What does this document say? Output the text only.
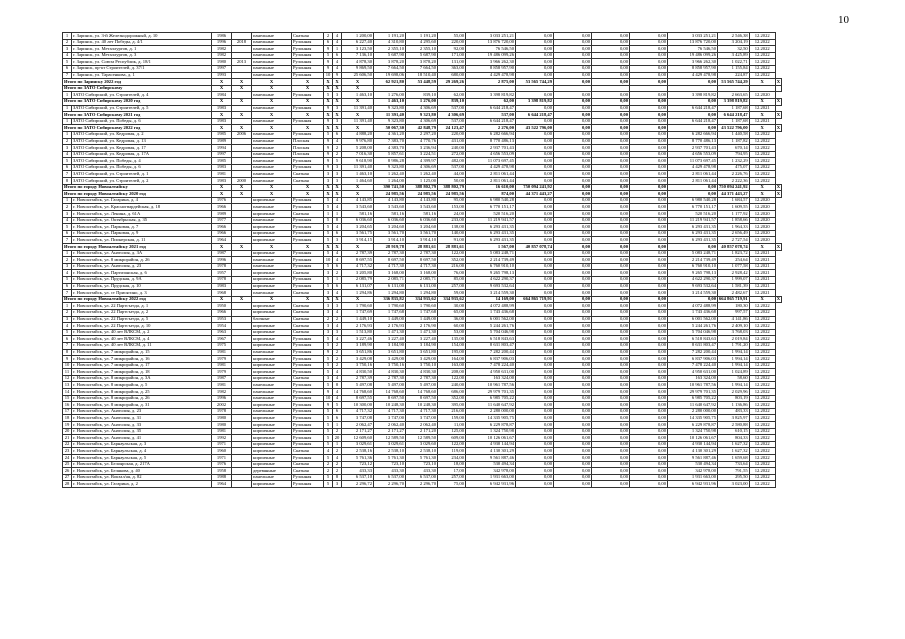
10
1	г. Заринск, ул. 3-й Железнодорожный, д. 10	1986		панельные	Скатная	2	4	1 200,00	1 191,20	1 191,20	55,00	3 033 251,21	0,00	0,00	0,00	0,00	3 033 251,21	2 546,38	12.2022	
2	г. Заринск, ул. 40 лет Победы, д. 4/1	1996	2018	панельные	Рулонная	6	4	6 227,40	4 310,80	4 295,60	220,00	13 876 720,00	0,00	0,00	0,00	0,00	13 876 720,00	3 204,19	12.2022	
3	г. Заринск, ул. Металлургов, д. 1	1982		панельные	Рулонная	9	1	3 123,50	2 355,10	2 355,10	92,00	76 546,50	0,00	0,00	0,00	0,00	76 546,50	32,50	12.2022	
4	г. Заринск, ул. Металлургов, д. 3	1982		панельные	Рулонная	5	6	7 136,10	5 687,90	5 687,90	171,00	19 486 099,26	0,00	0,00	0,00	0,00	19 486 099,26	3 425,89	12.2022	
5	г. Заринск, ул. Союза Республик, д. 18/1	1980	2013	панельные	Рулонная	9	4	4 878,30	3 878,20	3 878,20	131,00	3 966 262,30	0,00	0,00	0,00	0,00	3 966 262,30	1 022,71	12.2022	
6	г. Заринск, пр-кт Строителей, д. 37/1	1997		панельные	Рулонная	9	4	9 869,50	7 664,50	7 664,50	363,00	8 858 957,90	0,00	0,00	0,00	0,00	8 858 957,90	1 155,84	12.2022	
7	г. Заринск, ул. Тарасенкова, д. 1	1993		панельные	Рулонная	10	9	25 606,50	19 698,06	18 510,40	680,00	4 429 478,98	0,00	0,00	0,00	0,00	4 429 478,98	224,87	12.2022	
Итого по Заринску 2022 год		X	X	X	X	X	X	X	62 921,80	53 448,59	29 269,26	2 875,00	53 565 744,29	0,00	0,00	0,00	0,00	53 565 744,29	X	X
Итого по ЗАТО Сибирскому		X	X	X	X	X	X	X												
1	ЗАТО Сибирский, ул. Строителей, д. 4	1984		панельные	Рулонная	5	3	1 463,10	1 276,00	839,10	62,00	3 398 819,82	0,00	0,00	0,00	0,00	3 398 819,82	2 663,65	12.2020	
Итого по ЗАТО Сибирскому 2020 год		X	X	X	X	X	X	X	1 463,10	1 276,00	839,10	62,00	3 398 819,82	0,00	0,00	0,00	0,00	3 398 819,82	X	X
1	ЗАТО Сибирский, ул. Строителей, д. 5	1983		панельные	Рулонная	9	3	11 391,40	9 323,80	4 306,69	537,00	6 644 218,47	0,00	0,00	0,00	0,00	6 644 218,47	1 187,68	12.2021	
Итого по ЗАТО Сибирскому 2021 год		X	X	X	X	X	X	X	11 391,40	9 323,80	4 306,69	537,00	6 644 218,47	0,00	0,00	0,00	0,00	6 644 218,47	X	X
1	ЗАТО Сибирский, ул. Победы, д. 6	1983		панельные	Рулонная	9	3	11 391,40	9 323,80	4 306,69	537,00	6 644 218,47	0,00	0,00	0,00	0,00	6 644 218,47	1 187,68	12.2021	
Итого по ЗАТО Сибирскому 2022 год		X	X	X	X	X	X	X	50 067,30	42 848,79	24 123,47	2 276,00	43 522 796,00	0,00	0,00	0,00	0,00	43 522 796,00	X	X
1	ЗАТО Сибирский, ул. Кедровая, д. 2	1985	2006	панельные	Рулонная	5	6	4 888,20	4 361,20	2 297,20	220,00	6 282 666,94	0,00	0,00	0,00	0,00	6 282 666,94	1 440,58	12.2022	
2	ЗАТО Сибирский, ул. Кедровая, д. 13	1989		панельные	Плоская	9	4	9 976,80	7 383,70	4 770,76	431,00	8 770 486,13	0,00	0,00	0,00	0,00	8 770 486,13	1 187,82	12.2022	
3	ЗАТО Сибирский, ул. Кедровая, д. 17	1994		панельные	Плоская	9	2	5 208,00	4 383,70	3 236,94	240,00	2 937 701,43	0,00	0,00	0,00	0,00	2 937 701,43	670,14	12.2022	
4	ЗАТО Сибирский, ул. Кедровая, д. 17А	1997		панельные	Плоская	9	2	7 016,30	5 857,61	3 224,51	272,00	4 656 553,09	0,00	0,00	0,00	0,00	4 656 553,09	794,95	12.2022	
5	ЗАТО Сибирский, ул. Победы, д. 4	1985		панельные	Рулонная	9	5	9 618,90	8 986,28	4 399,97	482,00	11 073 697,45	0,00	0,00	0,00	0,00	11 073 697,45	1 232,29	12.2022	
6	ЗАТО Сибирский, ул. Победы, д. 6	1983		панельные	Рулонная	9	3	11 391,40	9 323,80	4 306,69	537,00	4 429 478,98	0,00	0,00	0,00	0,00	4 429 478,98	475,07	12.2022	
7	ЗАТО Сибирский, ул. Строителей, д. 1	1981		панельные	Скатная	3	3	1 463,10	1 262,40	1 262,40	44,00	2 811 061,44	0,00	0,00	0,00	0,00	2 811 061,44	2 226,76	12.2022	
8	ЗАТО Сибирский, ул. Строителей, д. 2	1983	2000	панельные	Скатная	3	3	1 464,60	1 264,00	1 125,00	50,00	2 811 061,44	0,00	0,00	0,00	0,00	2 811 061,44	2 222,36	12.2022	
Итого по городу Новоалтайску		X	X	X	X	X	X	X	390 741,50	388 802,79	388 802,79	16 610,00	750 094 241,92	0,00	0,00	0,00	0,00	750 094 241,92	X	X
Итого по городу Новоалтайску 2020 год		X	X	X	X	X	X	X	24 985,56	24 985,56	24 985,56	874,00	44 371 443,27	0,00	0,00	0,00	0,00	44 371 443,27	X	X
1	г. Новоалтайск, ул. Гагарина, д. 4	1976		кирпичные	Рулонная	5	4	4 143,85	4 143,80	4 143,80	95,00	6 980 540,28	0,00	0,00	0,00	0,00	6 980 540,28	1 684,57	12.2020	
2	г. Новоалтайск, ул. Красногвардейская, д. 18	1966		панельные	Рулонная	5	4	3 543,60	3 543,60	3 543,60	153,00	6 770 151,17	0,00	0,00	0,00	0,00	6 770 151,17	1 609,55	12.2020	
3	г. Новоалтайск, ул. Ленина, д. 61А	1989		кирпичные	Скатная	1	1	581,16	581,16	581,16	24,00	520 516,20	0,00	0,00	0,00	0,00	520 516,20	1 177,92	12.2020	
4	г. Новоалтайск, ул. Октябрьская, д. 35	1977		панельные	Рулонная	5	8	6 036,60	6 036,60	6 036,60	233,00	11 219 941,57	0,00	0,00	0,00	0,00	11 219 941,57	1 858,66	12.2020	
5	г. Новоалтайск, ул. Парковая, д. 7	1966		кирпичные	Рулонная	5	4	3 204,65	3 204,60	3 204,60	138,00	6 293 431,35	0,00	0,00	0,00	0,00	6 293 431,35	1 964,33	12.2020	
6	г. Новоалтайск, ул. Парковая, д. 9	1966		кирпичные	Рулонная	5	6	3 561,75	3 561,70	3 561,70	140,00	6 293 431,35	0,00	0,00	0,00	0,00	6 293 431,35	2 656,49	12.2020	
7	г. Новоалтайск, ул. Пионерская, д. 11	1964		кирпичные	Рулонная	5	3	3 914,15	3 914,10	3 914,10	91,00	6 293 431,35	0,00	0,00	0,00	0,00	6 293 431,35	2 727,54	12.2020	
Итого по городу Новоалтайску 2021 год		X	X	X	X	X	X	X	28 919,78	28 881,61	28 881,61	1 567,00	40 857 078,74	0,00	0,00	0,00	0,00	40 857 078,74	X	X
1	г. Новоалтайск, ул. Анатолия, д. 3А	1987		кирпичные	Рулонная	5	4	2 787,39	2 787,30	2 787,30	122,00	5 083 248,71	0,00	0,00	0,00	0,00	5 083 248,71	1 823,72	12.2021	
2	г. Новоалтайск, ул. 8 микрорайон, д. 26	1996		панельные	Рулонная	10	4	8 697,55	8 697,50	8 697,50	352,00	2 214 739,49	0,00	0,00	0,00	0,00	2 214 739,49	254,64	12.2021	
3	г. Новоалтайск, ул. Анатолия, д. 23	1978		панельные	Рулонная	5	6	4 717,32	4 717,30	4 717,30	216,00	6 760 910,10	0,00	0,00	0,00	0,00	6 760 910,10	1 077,58	12.2021	
4	г. Новоалтайск, ул. Партизанская, д. 6	1957		кирпичные	Скатная	3	2	3 205,80	3 168,00	3 168,00	76,00	9 265 798,13	0,00	0,00	0,00	0,00	9 265 798,13	2 928,42	12.2021	
5	г. Новоалтайск, ул. Прудская, д. 9А	1978		кирпичные	Рулонная	5	1	2 085,79	2 085,71	2 085,71	85,00	4 622 290,37	0,00	0,00	0,00	0,00	4 622 290,37	1 999,07	12.2021	
6	г. Новоалтайск, ул. Прудская, д. 10	1983		кирпичные	Рулонная	5	6	6 131,07	6 131,00	6 131,00	257,00	9 693 532,64	0,00	0,00	0,00	0,00	9 693 532,64	1 581,39	12.2021	
7	г. Новоалтайск, ул. ст Присягино, д. 3	1968		панельные	Скатная	3	4	1 294,86	1 294,80	1 294,80	59,00	3 214 559,30	0,00	0,00	0,00	0,00	3 214 559,30	2 482,67	12.2021	
Итого по городу Новоалтайску 2022 год		X	X	X	X	X	X	X	336 835,82	334 935,62	334 935,62	14 169,00	664 865 719,91	0,00	0,00	0,00	0,00	664 865 719,91	X	X
1	г. Новоалтайск, ул. 22 Партсъезда, д. 1	1950		кирпичные	Скатная	3	3	1 790,60	1 790,60	1 790,60	30,00	4 072 488,99	0,00	0,00	0,00	0,00	4 072 488,99	180,30	12.2022	
2	г. Новоалтайск, ул. 22 Партсъезда, д. 2	1966		кирпичные	Скатная	3	4	1 747,69	1 747,68	1 747,68	65,00	1 743 436,68	0,00	0,00	0,00	0,00	1 743 436,68	997,57	12.2022	
3	г. Новоалтайск, ул. 22 Партсъезда, д. 5	1953		блочные	Скатная	2	2	1 449,10	1 449,00	1 449,00	36,00	6 001 562,00	0,00	0,00	0,00	0,00	6 001 562,00	4 141,86	12.2022	
4	г. Новоалтайск, ул. 22 Партсъезда, д. 10	1954		кирпичные	Скатная	3	4	2 176,93	2 176,93	2 176,90	60,00	5 244 261,76	0,00	0,00	0,00	0,00	5 244 261,76	2 409,10	12.2022	
5	г. Новоалтайск, ул. 40 лет ВЛКСМ, д. 2	1963		кирпичные	Скатная	3	3	1 513,80	1 471,30	1 471,30	53,00	5 704 046,98	0,00	0,00	0,00	0,00	5 704 046,98	3 768,03	12.2022	
6	г. Новоалтайск, ул. 40 лет ВЛКСМ, д. 4	1967		кирпичные	Рулонная	5	4	3 227,46	3 227,40	3 227,40	135,00	6 518 843,63	0,00	0,00	0,00	0,00	6 518 843,63	2 019,84	12.2022	
7	г. Новоалтайск, ул. 40 лет ВЛКСМ, д. 11	1975		кирпичные	Рулонная	5	2	3 189,90	3 184,90	3 184,90	154,00	8 631 803,47	0,00	0,00	0,00	0,00	8 631 803,47	1 791,20	12.2022	
8	г. Новоалтайск, ул. 7 микрорайон, д. 15	1981		панельные	Рулонная	9	2	3 651,86	3 651,80	3 651,80	195,00	7 282 200,44	0,00	0,00	0,00	0,00	7 282 200,44	1 994,14	12.2022	
9	г. Новоалтайск, ул. 7 микрорайон, д. 16	1979		кирпичные	Рулонная	5	2	3 429,08	3 429,00	3 429,00	164,00	6 837 906,03	0,00	0,00	0,00	0,00	6 837 906,03	1 994,14	12.2022	
10	г. Новоалтайск, ул. 7 микрорайон, д. 17	1981		кирпичные	Рулонная	5	2	3 750,16	3 750,16	3 750,10	163,00	7 478 224,40	0,00	0,00	0,00	0,00	7 478 224,40	1 994,14	12.2022	
11	г. Новоалтайск, ул. 7 микрорайон, д. 18	1979		кирпичные	Рулонная	5	4	4 830,50	4 830,30	4 830,30	208,00	4 950 631,00	0,00	0,00	0,00	0,00	4 950 631,00	1 024,89	12.2022	
12	г. Новоалтайск, ул. 8 микрорайон, д. 3А	1987		кирпичные	Скатная	3	4	2 787,39	2 787,30	2 787,30	122,00	163 324,00	0,00	0,00	0,00	0,00	163 324,00	58,60	12.2022	
13	г. Новоалтайск, ул. 8 микрорайон, д. 5	1981		панельные	Рулонная	5	8	5 497,08	5 497,00	5 497,00	240,00	10 961 787,56	0,00	0,00	0,00	0,00	10 961 787,56	1 994,14	12.2022	
14	г. Новоалтайск, ул. 8 микрорайон, д. 25	1982		панельные	Рулонная	9	4	14 768,60	14 768,60	14 768,60	686,00	29 979 701,35	0,00	0,00	0,00	0,00	29 979 701,35	2 029,96	12.2022	
15	г. Новоалтайск, ул. 8 микрорайон, д. 26	1996		панельные	Рулонная	10	4	8 697,55	8 697,50	8 697,50	352,00	6 985 705,22	0,00	0,00	0,00	0,00	6 985 705,22	803,19	12.2022	
16	г. Новоалтайск, ул. 8 микрорайон, д. 31	2002		кирпичные	Рулонная	9	5	10 300,00	10 248,30	10 248,30	395,00	11 640 647,92	0,00	0,00	0,00	0,00	11 640 647,92	1 136,86	12.2022	
17	г. Новоалтайск, ул. Анатолия, д. 23	1978		панельные	Рулонная	5	6	4 717,32	4 717,30	4 717,30	216,00	2 280 000,00	0,00	0,00	0,00	0,00	2 280 000,00	483,33	12.2022	
18	г. Новоалтайск, ул. Анатолия, д. 31	1980		кирпичные	Рулонная	5	6	3 747,08	3 747,00	3 747,00	159,00	14 335 905,75	0,00	0,00	0,00	0,00	14 335 905,75	3 825,97	12.2022	
19	г. Новоалтайск, ул. Анатолия, д. 33	1980		кирпичные	Рулонная	5	1	2 062,47	2 062,40	2 062,40	11,00	6 229 878,87	0,00	0,00	0,00	0,00	6 229 878,87	2 580,88	12.2022	
20	г. Новоалтайск, ул. Анатолия, д. 35	1981		кирпичные	Рулонная	5	2	2 171,27	2 171,27	2 171,20	125,00	1 324 750,98	0,00	0,00	0,00	0,00	1 324 750,98	610,15	12.2022	
21	г. Новоалтайск, ул. Анатолия, д. 41	1992		кирпичные	Рулонная	5	20	12 609,60	12 589,50	12 589,50	609,00	10 126 061,67	0,00	0,00	0,00	0,00	10 126 061,67	804,33	12.2022	
22	г. Новоалтайск, ул. Барнаульская, д. 3	1971		кирпичные	Рулонная	5	1	3 029,61	3 029,61	3 029,60	122,00	4 930 144,94	0,00	0,00	0,00	0,00	4 930 144,94	1 627,32	12.2022	
23	г. Новоалтайск, ул. Барнаульская, д. 4	1960		кирпичные	Скатная	4	2	2 538,16	2 538,10	2 538,10	119,00	4 130 301,29	0,00	0,00	0,00	0,00	4 130 301,29	1 627,32	12.2022	
24	г. Новоалтайск, ул. Барнаульская, д. 5	1971		кирпичные	Рулонная	5	4	5 761,36	5 761,30	5 761,30	234,00	9 561 887,46	0,00	0,00	0,00	0,00	9 561 887,46	1 659,68	12.2022	
25	г. Новоалтайск, ул. Белоярская, д. 217А	1976		кирпичные	Скатная	2	2	723,12	723,10	723,10	18,00	530 494,34	0,00	0,00	0,00	0,00	530 494,34	733,64	12.2022	
26	г. Новоалтайск, ул. Белякова, д. 40	1958		деревянные	Скатная	2	2	433,33	433,30	433,30	17,00	342 978,00	0,00	0,00	0,00	0,00	342 978,00	791,55	12.2022	
27	г. Новоалтайск, ул. Вокзал/ая, д. 82	1988		панельные	Рулонная	5	8	6 537,10	6 537,00	6 537,00	257,00	1 931 663,00	0,00	0,00	0,00	0,00	1 931 663,00	295,50	12.2022	
28	г. Новоалтайск, ул. Гагарина, д. 2	1964		кирпичные	Рулонная	5	3	2 296,72	2 296,70	2 296,70	75,00	6 942 931,96	0,00	0,00	0,00	0,00	6 942 931,96	3 023,00	12.2022	
